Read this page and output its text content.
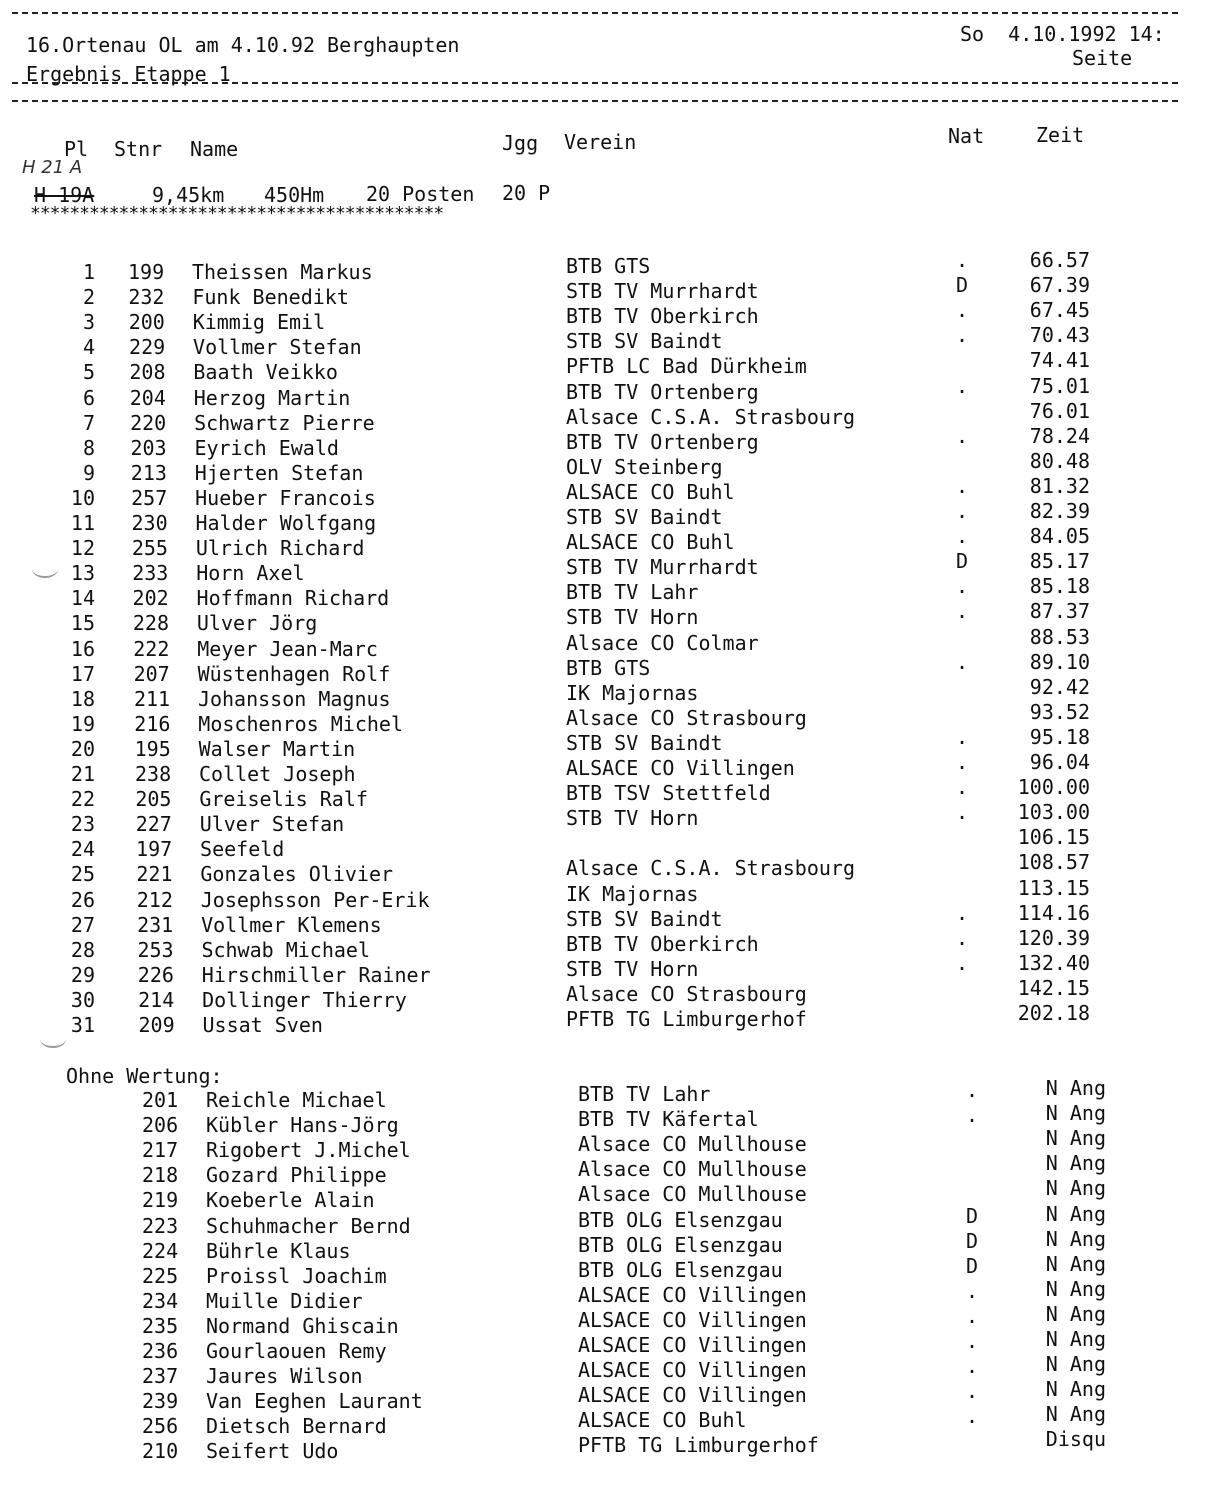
16.Ortenau OL am 4.10.92 Berghaupten
Ergebnis Etappe 1
So  4.10.1992 14:
Seite
Pl Stnr Name	Jgg Verein	Nat	Zeit
H 21 A
H 19A	9,45km 450Hm 20 Posten 20 P
******************************************
1 199 Theissen Markus	BTB GTS	.	66.57
2 232 Funk Benedikt	STB TV Murrhardt	D	67.39
3 200 Kimmig Emil	BTB TV Oberkirch	.	67.45
4 229 Vollmer Stefan	STB SV Baindt	.	70.43
5 208 Baath Veikko	PFTB LC Bad Dürkheim	74.41
6 204 Herzog Martin	BTB TV Ortenberg	.	75.01
7 220 Schwartz Pierre	Alsace C.S.A. Strasbourg	76.01
8 203 Eyrich Ewald	BTB TV Ortenberg	.	78.24
9 213 Hjerten Stefan	OLV Steinberg	80.48
10 257 Hueber Francois	ALSACE CO Buhl	.	81.32
11 230 Halder Wolfgang	STB SV Baindt	.	82.39
12 255 Ulrich Richard	ALSACE CO Buhl	.	84.05
13 233 Horn Axel	STB TV Murrhardt	D	85.17
14 202 Hoffmann Richard	BTB TV Lahr	.	85.18
15 228 Ulver Jörg	STB TV Horn	.	87.37
16 222 Meyer Jean-Marc	Alsace CO Colmar	88.53
17 207 Wüstenhagen Rolf	BTB GTS	.	89.10
18 211 Johansson Magnus	IK Majornas	92.42
19 216 Moschenros Michel	Alsace CO Strasbourg	93.52
20 195 Walser Martin	STB SV Baindt	.	95.18
21 238 Collet Joseph	ALSACE CO Villingen	.	96.04
22 205 Greiselis Ralf	BTB TSV Stettfeld	.	100.00
23 227 Ulver Stefan	STB TV Horn	.	103.00
24 197 Seefeld	106.15
25 221 Gonzales Olivier	Alsace C.S.A. Strasbourg	108.57
26 212 Josephsson Per-Erik	IK Majornas	113.15
27 231 Vollmer Klemens	STB SV Baindt	.	114.16
28 253 Schwab Michael	BTB TV Oberkirch	.	120.39
29 226 Hirschmiller Rainer	STB TV Horn	.	132.40
30 214 Dollinger Thierry	Alsace CO Strasbourg	142.15
31 209 Ussat Sven	PFTB TG Limburgerhof	202.18
Ohne Wertung:
201 Reichle Michael	BTB TV Lahr	.	N Ang
206 Kübler Hans-Jörg	BTB TV Käfertal	.	N Ang
217 Rigobert J.Michel	Alsace CO Mullhouse	N Ang
218 Gozard Philippe	Alsace CO Mullhouse	N Ang
219 Koeberle Alain	Alsace CO Mullhouse	N Ang
223 Schuhmacher Bernd	BTB OLG Elsenzgau	D	N Ang
224 Bührle Klaus	BTB OLG Elsenzgau	D	N Ang
225 Proissl Joachim	BTB OLG Elsenzgau	D	N Ang
234 Muille Didier	ALSACE CO Villingen	.	N Ang
235 Normand Ghiscain	ALSACE CO Villingen	.	N Ang
236 Gourlaouen Remy	ALSACE CO Villingen	.	N Ang
237 Jaures Wilson	ALSACE CO Villingen	.	N Ang
239 Van Eeghen Laurant	ALSACE CO Villingen	.	N Ang
256 Dietsch Bernard	ALSACE CO Buhl	.	N Ang
210 Seifert Udo	PFTB TG Limburgerhof	Disqu
